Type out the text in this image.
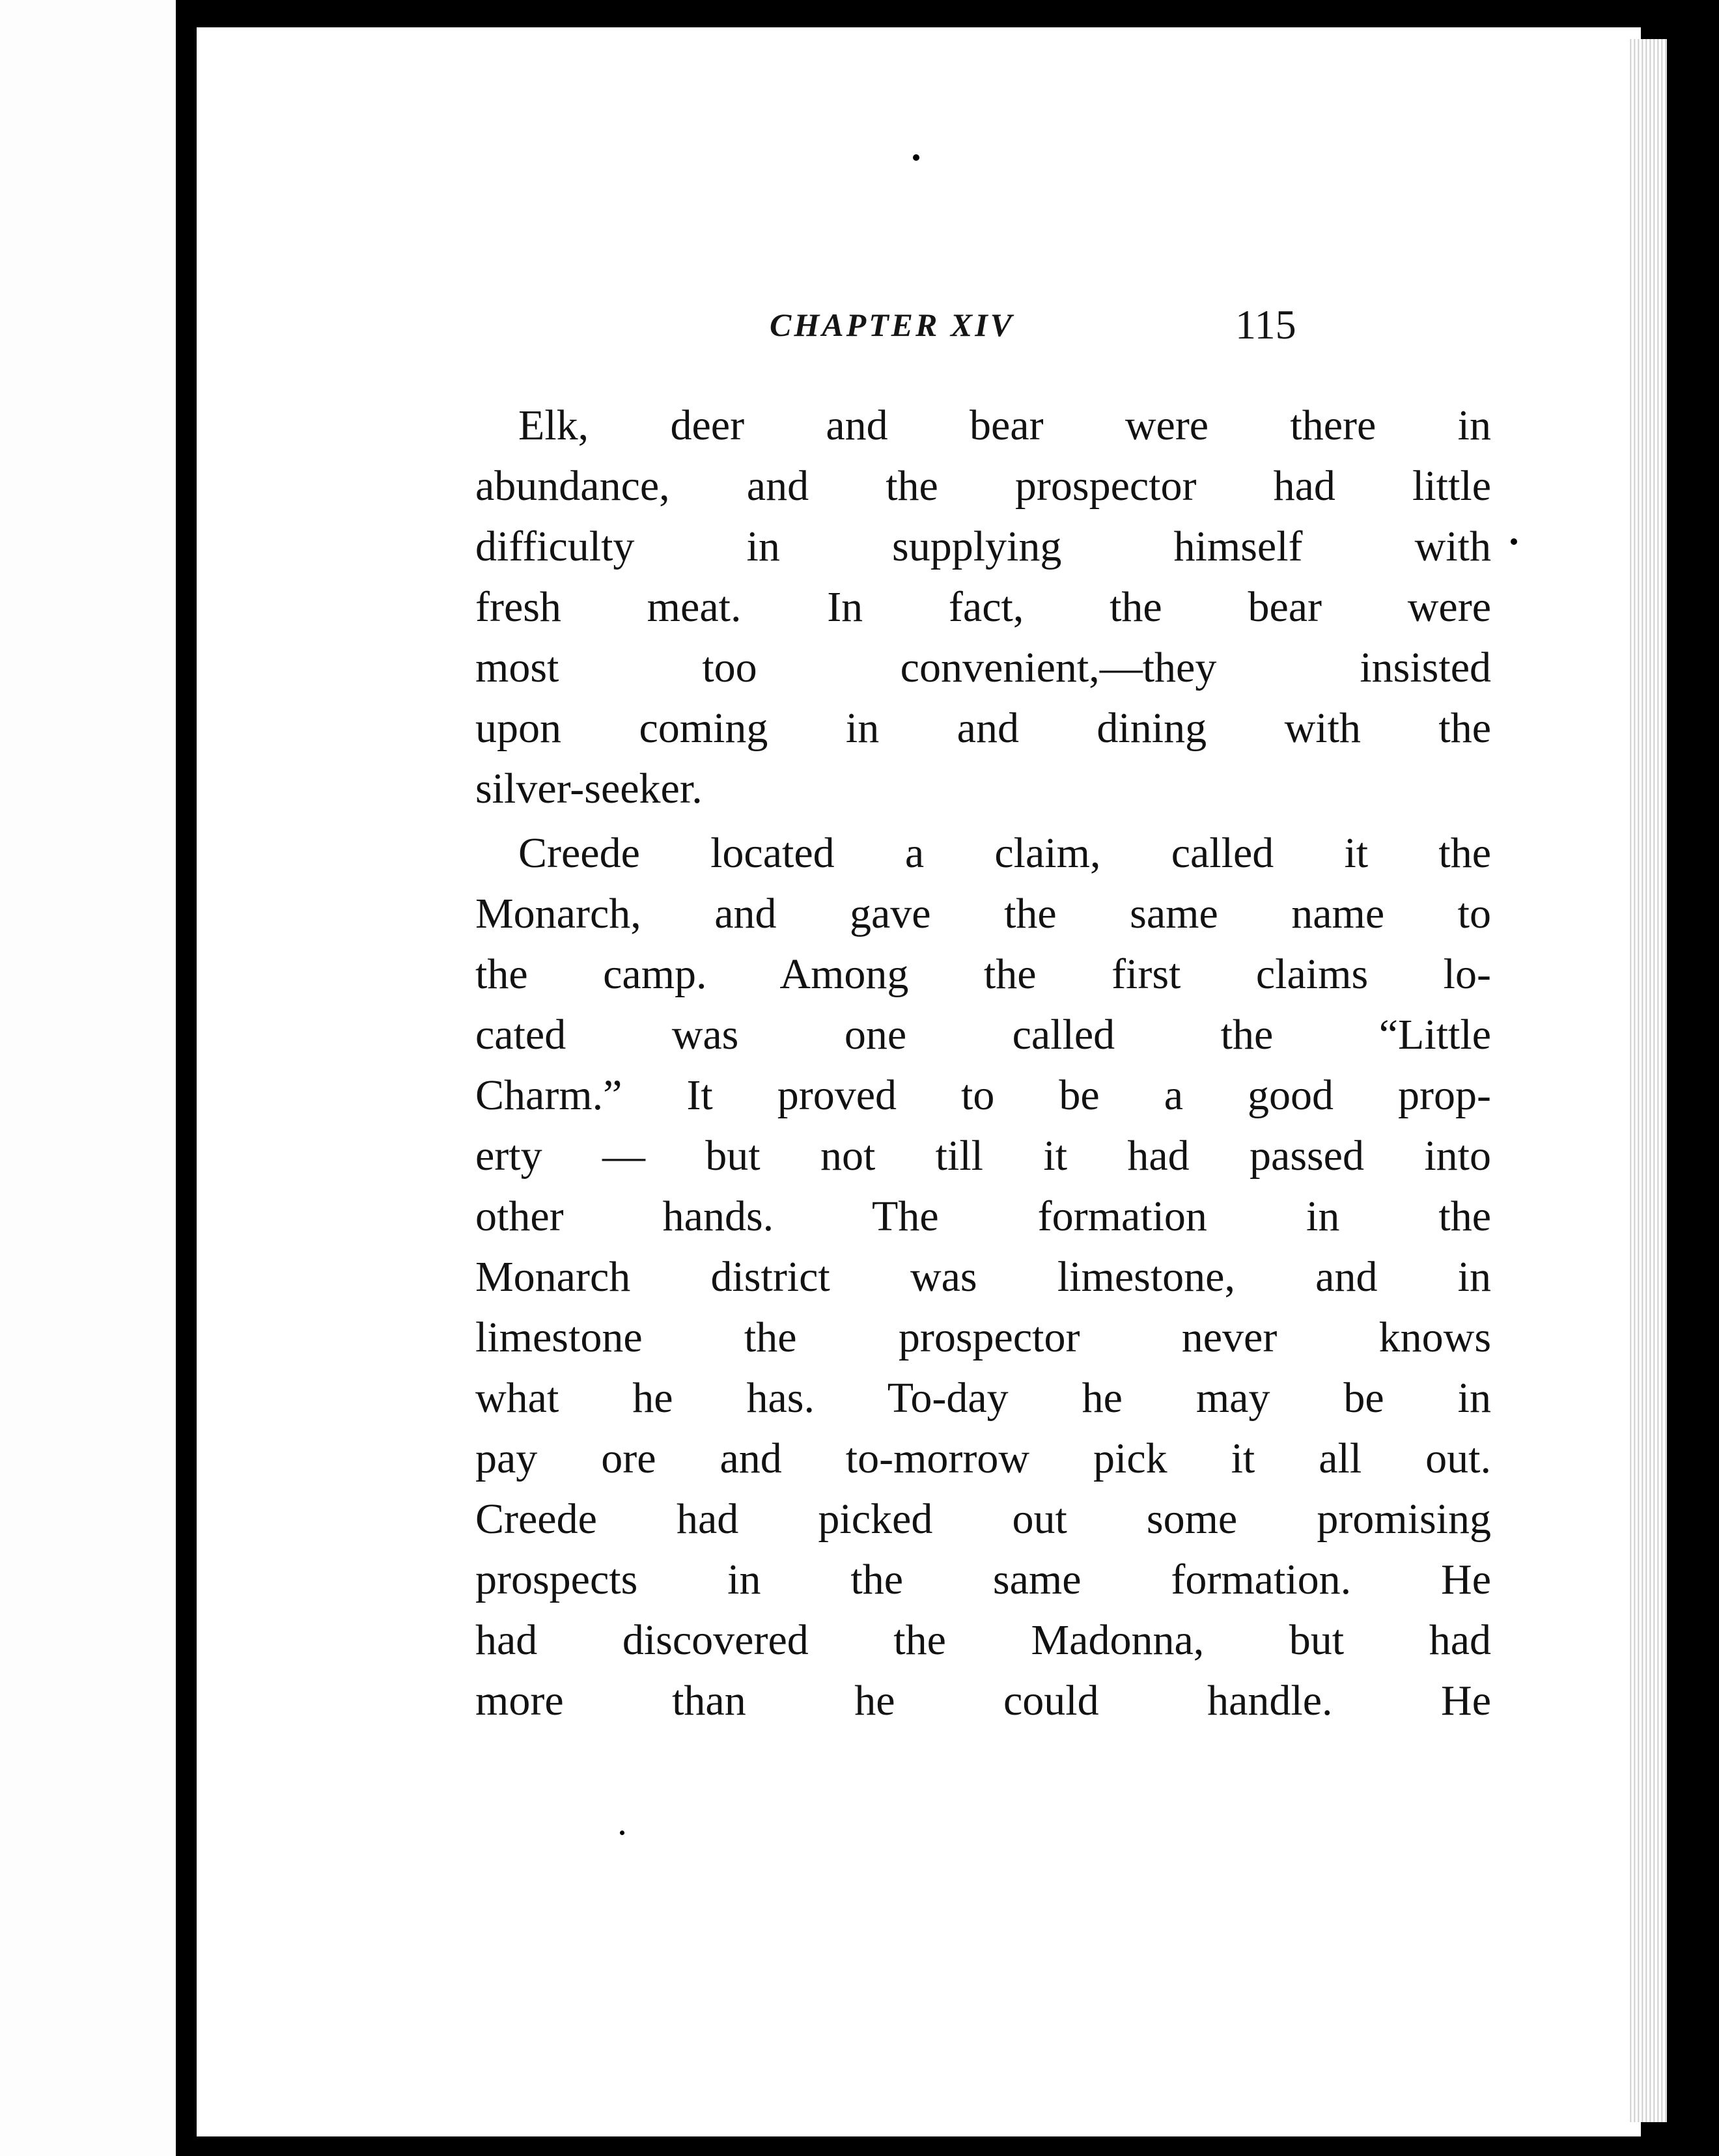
CHAPTER XIV	115

Elk, deer and bear were there in
abundance, and the prospector had little
difficulty in supplying himself with
fresh meat. In fact, the bear were
most too convenient,—they insisted
upon coming in and dining with the
silver-seeker.

Creede located a claim, called it the
Monarch, and gave the same name to
the camp. Among the first claims lo-
cated was one called the “Little
Charm.” It proved to be a good prop-
erty — but not till it had passed into
other hands. The formation in the
Monarch district was limestone, and in
limestone the prospector never knows
what he has. To-day he may be in
pay ore and to-morrow pick it all out.
Creede had picked out some promising
prospects in the same formation. He
had discovered the Madonna, but had
more than he could handle. He
